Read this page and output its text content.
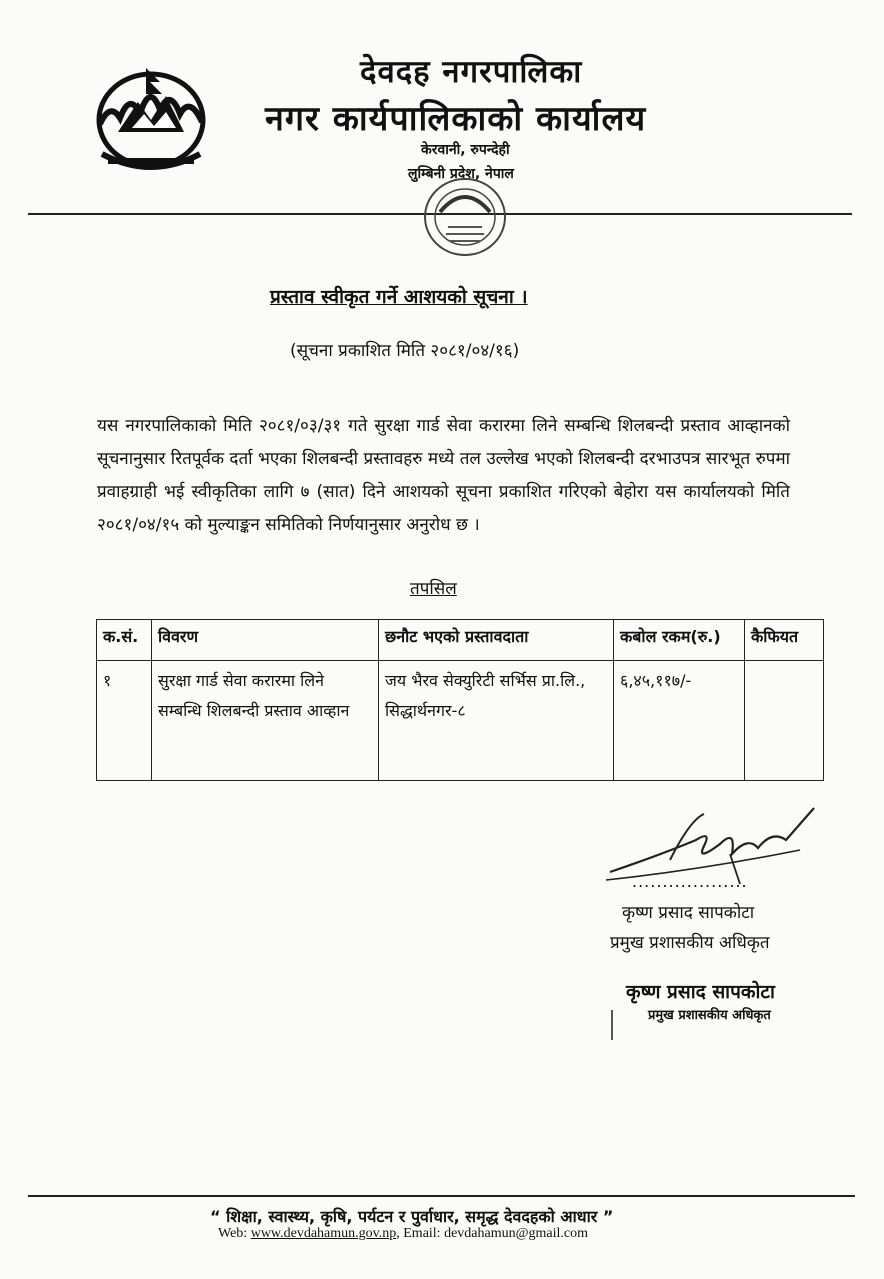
देवदह नगरपालिका
नगर कार्यपालिकाको कार्यालय
केरवानी, रुपन्देही
लुम्बिनी प्रदेश, नेपाल
प्रस्ताव स्वीकृत गर्ने आशयको सूचना ।
(सूचना प्रकाशित मिति २०८१/०४/१६)
यस नगरपालिकाको मिति २०८१/०३/३१ गते सुरक्षा गार्ड सेवा करारमा लिने सम्बन्धि शिलबन्दी प्रस्ताव आव्हानको सूचनानुसार रितपूर्वक दर्ता भएका शिलबन्दी प्रस्तावहरु मध्ये तल उल्लेख भएको शिलबन्दी दरभाउपत्र सारभूत रुपमा प्रवाहग्राही भई स्वीकृतिका लागि ७ (सात) दिने आशयको सूचना प्रकाशित गरिएको बेहोरा यस कार्यालयको मिति २०८१/०४/१५ को मुल्याङ्कन समितिको निर्णयानुसार अनुरोध छ ।
तपसिल
क.सं.	विवरण	छनौट भएको प्रस्तावदाता	कबोल रकम(रु.)	कैफियत
१	सुरक्षा गार्ड सेवा करारमा लिने सम्बन्धि शिलबन्दी प्रस्ताव आव्हान	जय भैरव सेक्युरिटी सर्भिस प्रा.लि., सिद्धार्थनगर-८	६,४५,११७/-	
...................
कृष्ण प्रसाद सापकोटा
प्रमुख प्रशासकीय अधिकृत
कृष्ण प्रसाद सापकोटा
प्रमुख प्रशासकीय अधिकृत
“ शिक्षा, स्वास्थ्य, कृषि, पर्यटन र पुर्वाधार, समृद्ध देवदहको आधार ”
Web: www.devdahamun.gov.np, Email: devdahamun@gmail.com
